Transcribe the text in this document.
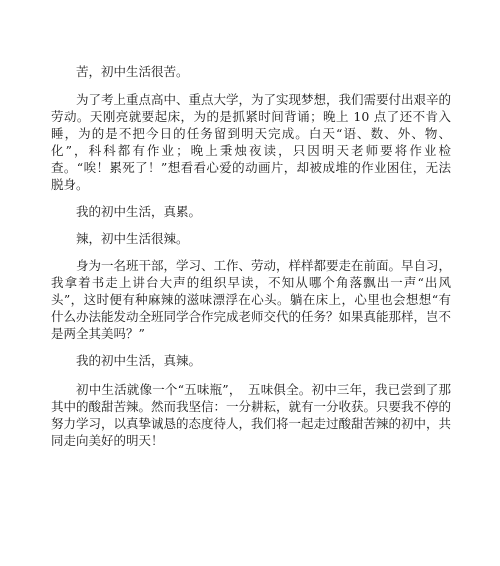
苦，初中生活很苦。

为了考上重点高中、重点大学，为了实现梦想，我们需要付出艰辛的劳动。天刚亮就要起床，为的是抓紧时间背诵；晚上 10 点了还不肯入睡，为的是不把今日的任务留到明天完成。白天“语、数、外、物、化”，科科都有作业；晚上秉烛夜读，只因明天老师要将作业检查。“唉！累死了！”想看看心爱的动画片，却被成堆的作业困住，无法脱身。

我的初中生活，真累。

辣，初中生活很辣。

身为一名班干部，学习、工作、劳动，样样都要走在前面。早自习，我拿着书走上讲台大声的组织早读，不知从哪个角落飘出一声“出风头”，这时便有种麻辣的滋味漂浮在心头。躺在床上，心里也会想想“有什么办法能发动全班同学合作完成老师交代的任务？如果真能那样，岂不是两全其美吗？”

我的初中生活，真辣。

初中生活就像一个“五味瓶”，　五味俱全。初中三年，我已尝到了那其中的酸甜苦辣。然而我坚信：一分耕耘，就有一分收获。只要我不停的努力学习，以真挚诚恳的态度待人，我们将一起走过酸甜苦辣的初中，共同走向美好的明天！
